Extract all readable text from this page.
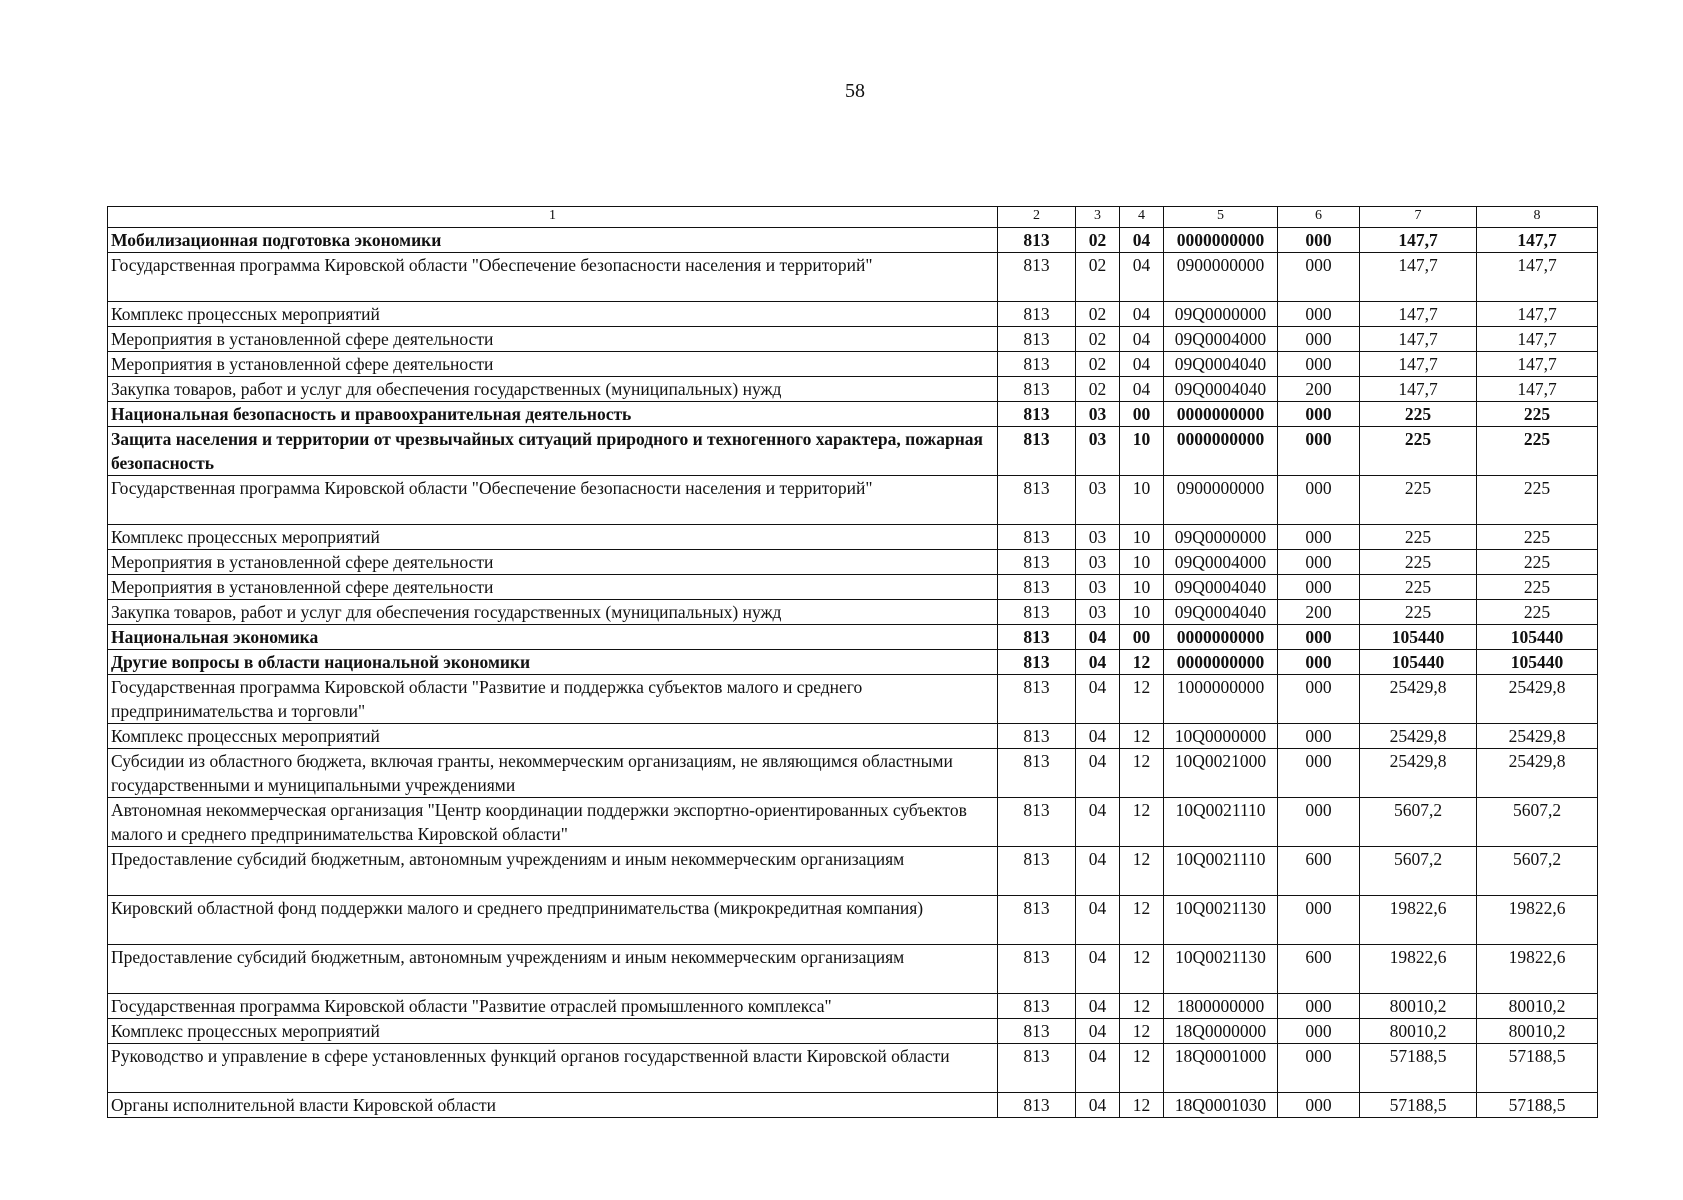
58
1	2	3	4	5	6	7	8
Мобилизационная подготовка экономики	813	02	04	0000000000	000	147,7	147,7
Государственная программа Кировской области "Обеспечение безопасности населения и территорий"	813	02	04	0900000000	000	147,7	147,7
Комплекс процессных мероприятий	813	02	04	09Q0000000	000	147,7	147,7
Мероприятия в установленной сфере деятельности	813	02	04	09Q0004000	000	147,7	147,7
Мероприятия в установленной сфере деятельности	813	02	04	09Q0004040	000	147,7	147,7
Закупка товаров, работ и услуг для обеспечения государственных (муниципальных) нужд	813	02	04	09Q0004040	200	147,7	147,7
Национальная безопасность и правоохранительная деятельность	813	03	00	0000000000	000	225	225
Защита населения и территории от чрезвычайных ситуаций природного и техногенного характера, пожарная безопасность	813	03	10	0000000000	000	225	225
Государственная программа Кировской области "Обеспечение безопасности населения и территорий"	813	03	10	0900000000	000	225	225
Комплекс процессных мероприятий	813	03	10	09Q0000000	000	225	225
Мероприятия в установленной сфере деятельности	813	03	10	09Q0004000	000	225	225
Мероприятия в установленной сфере деятельности	813	03	10	09Q0004040	000	225	225
Закупка товаров, работ и услуг для обеспечения государственных (муниципальных) нужд	813	03	10	09Q0004040	200	225	225
Национальная экономика	813	04	00	0000000000	000	105440	105440
Другие вопросы в области национальной экономики	813	04	12	0000000000	000	105440	105440
Государственная программа Кировской области "Развитие и поддержка субъектов малого и среднего предпринимательства и торговли"	813	04	12	1000000000	000	25429,8	25429,8
Комплекс процессных мероприятий	813	04	12	10Q0000000	000	25429,8	25429,8
Субсидии из областного бюджета, включая гранты, некоммерческим организациям, не являющимся областными государственными и муниципальными учреждениями	813	04	12	10Q0021000	000	25429,8	25429,8
Автономная некоммерческая организация "Центр координации поддержки экспортно-ориентированных субъектов малого и среднего предпринимательства Кировской области"	813	04	12	10Q0021110	000	5607,2	5607,2
Предоставление субсидий бюджетным, автономным учреждениям и иным некоммерческим организациям	813	04	12	10Q0021110	600	5607,2	5607,2
Кировский областной фонд поддержки малого и среднего предпринимательства (микрокредитная компания)	813	04	12	10Q0021130	000	19822,6	19822,6
Предоставление субсидий бюджетным, автономным учреждениям и иным некоммерческим организациям	813	04	12	10Q0021130	600	19822,6	19822,6
Государственная программа Кировской области "Развитие отраслей промышленного комплекса"	813	04	12	1800000000	000	80010,2	80010,2
Комплекс процессных мероприятий	813	04	12	18Q0000000	000	80010,2	80010,2
Руководство и управление в сфере установленных функций органов государственной власти Кировской области	813	04	12	18Q0001000	000	57188,5	57188,5
Органы исполнительной власти Кировской области	813	04	12	18Q0001030	000	57188,5	57188,5
